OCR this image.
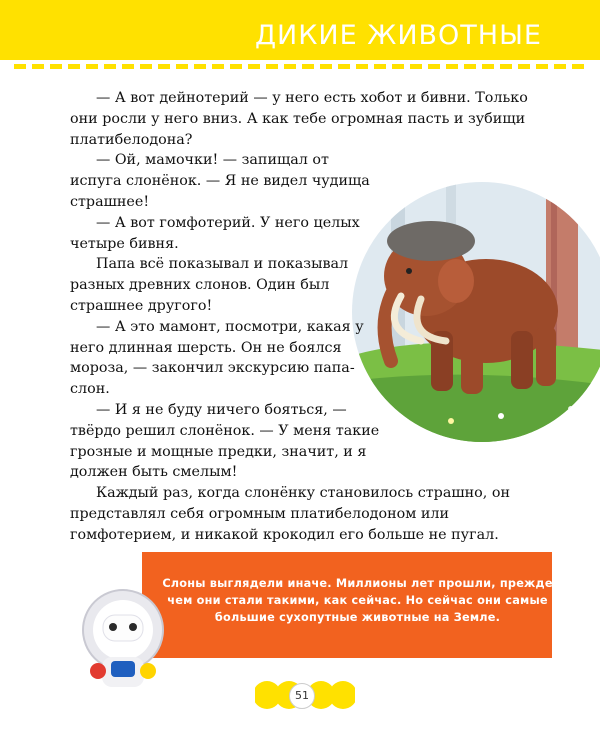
ДИКИЕ ЖИВОТНЫЕ

— А вот дейнотерий — у него есть хобот и бивни. Только они росли у него вниз. А как тебе огромная пасть и зубищи платибелодона?

— Ой, мамочки! — запищал от испуга слонёнок. — Я не видел чудища страшнее!

— А вот гомфотерий. У него целых четыре бивня.

Папа всё показывал и показывал разных древних слонов. Один был страшнее другого!

— А это мамонт, посмотри, какая у него длинная шерсть. Он не боялся мороза, — закончил экскурсию папа-слон.

— И я не буду ничего бояться, — твёрдо решил слонёнок. — У меня такие грозные и мощные предки, значит, и я должен быть смелым!

Каждый раз, когда слонёнку становилось страшно, он представлял себя огромным платибелодоном или гомфотерием, и никакой крокодил его больше не пугал.

Слоны выглядели иначе. Миллионы лет прошли, прежде чем они стали такими, как сейчас. Но сейчас они самые большие сухопутные животные на Земле.
51
